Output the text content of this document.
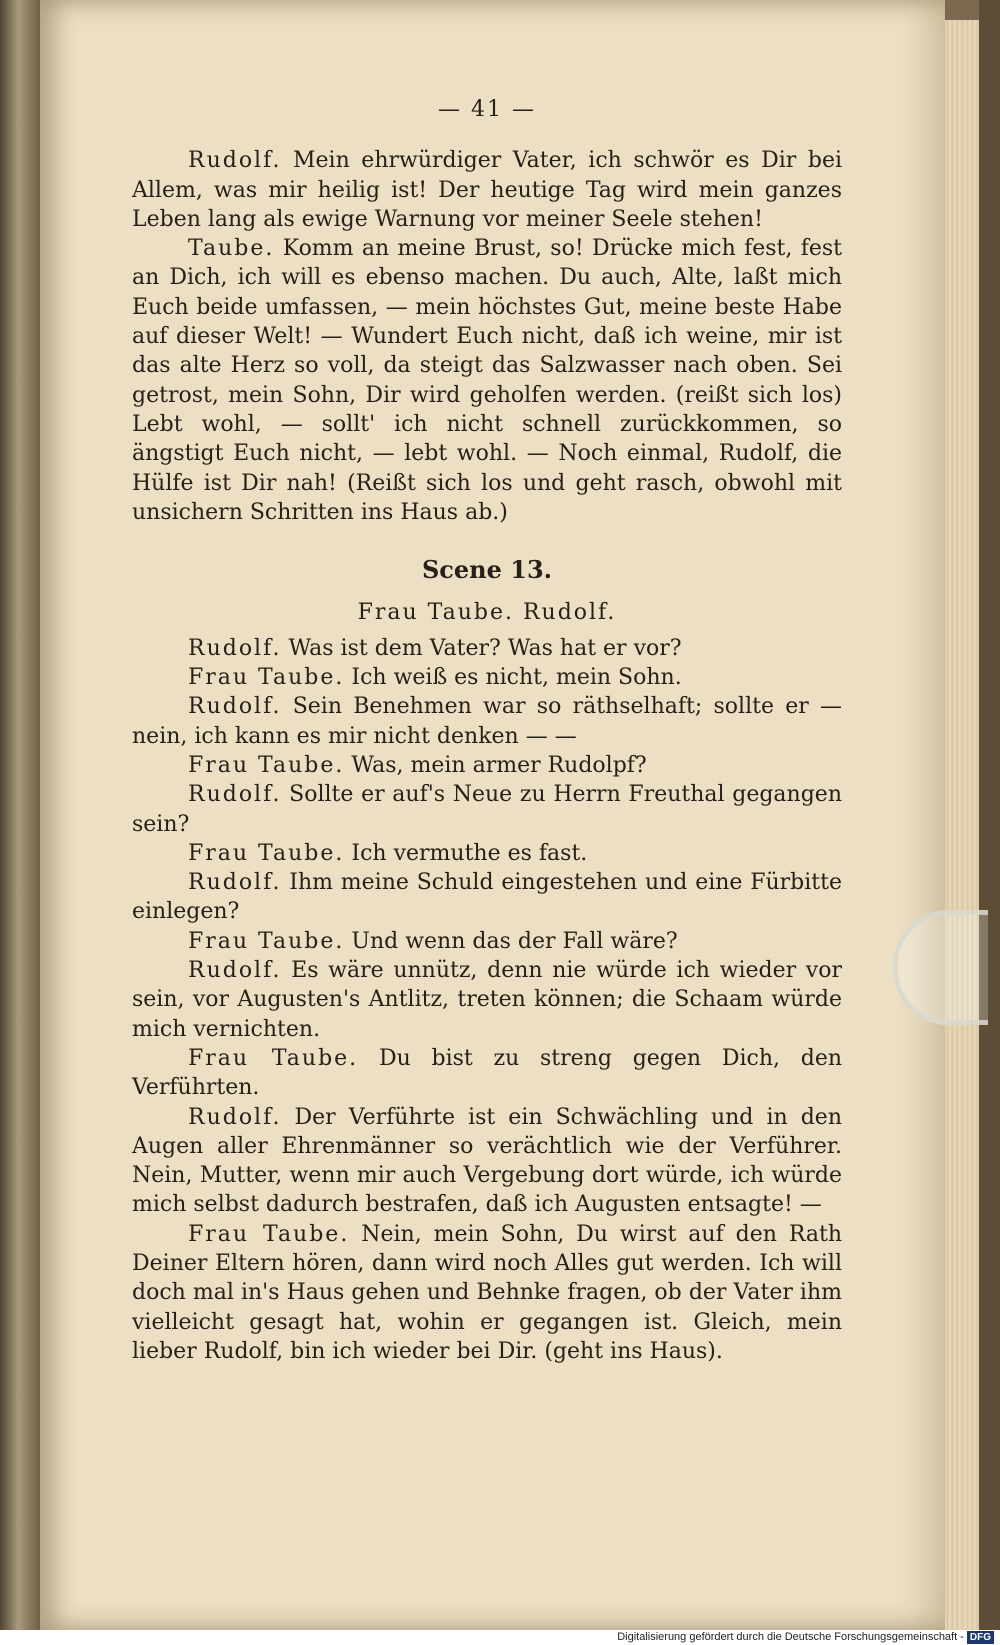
— 41 —

Rudolf. Mein ehrwürdiger Vater, ich schwör es Dir bei Allem, was mir heilig ist! Der heutige Tag wird mein ganzes Leben lang als ewige Warnung vor meiner Seele stehen!

Taube. Komm an meine Brust, so! Drücke mich fest, fest an Dich, ich will es ebenso machen. Du auch, Alte, laßt mich Euch beide umfassen, — mein höchstes Gut, meine beste Habe auf dieser Welt! — Wundert Euch nicht, daß ich weine, mir ist das alte Herz so voll, da steigt das Salzwasser nach oben. Sei getrost, mein Sohn, Dir wird geholfen werden. (reißt sich los) Lebt wohl, — sollt' ich nicht schnell zurückkommen, so ängstigt Euch nicht, — lebt wohl. — Noch einmal, Rudolf, die Hülfe ist Dir nah! (Reißt sich los und geht rasch, obwohl mit unsichern Schritten ins Haus ab.)

Scene 13.
Frau Taube. Rudolf.

Rudolf. Was ist dem Vater? Was hat er vor?

Frau Taube. Ich weiß es nicht, mein Sohn.

Rudolf. Sein Benehmen war so räthselhaft; sollte er — nein, ich kann es mir nicht denken — —

Frau Taube. Was, mein armer Rudolpf?

Rudolf. Sollte er auf's Neue zu Herrn Freuthal gegangen sein?

Frau Taube. Ich vermuthe es fast.

Rudolf. Ihm meine Schuld eingestehen und eine Fürbitte einlegen?

Frau Taube. Und wenn das der Fall wäre?

Rudolf. Es wäre unnütz, denn nie würde ich wieder vor sein, vor Augusten's Antlitz, treten können; die Schaam würde mich vernichten.

Frau Taube. Du bist zu streng gegen Dich, den Verführten.

Rudolf. Der Verführte ist ein Schwächling und in den Augen aller Ehrenmänner so verächtlich wie der Verführer. Nein, Mutter, wenn mir auch Vergebung dort würde, ich würde mich selbst dadurch bestrafen, daß ich Augusten entsagte! —

Frau Taube. Nein, mein Sohn, Du wirst auf den Rath Deiner Eltern hören, dann wird noch Alles gut werden. Ich will doch mal in's Haus gehen und Behnke fragen, ob der Vater ihm vielleicht gesagt hat, wohin er gegangen ist. Gleich, mein lieber Rudolf, bin ich wieder bei Dir. (geht ins Haus).

Digitalisierung gefördert durch die Deutsche Forschungsgemeinschaft - DFG
